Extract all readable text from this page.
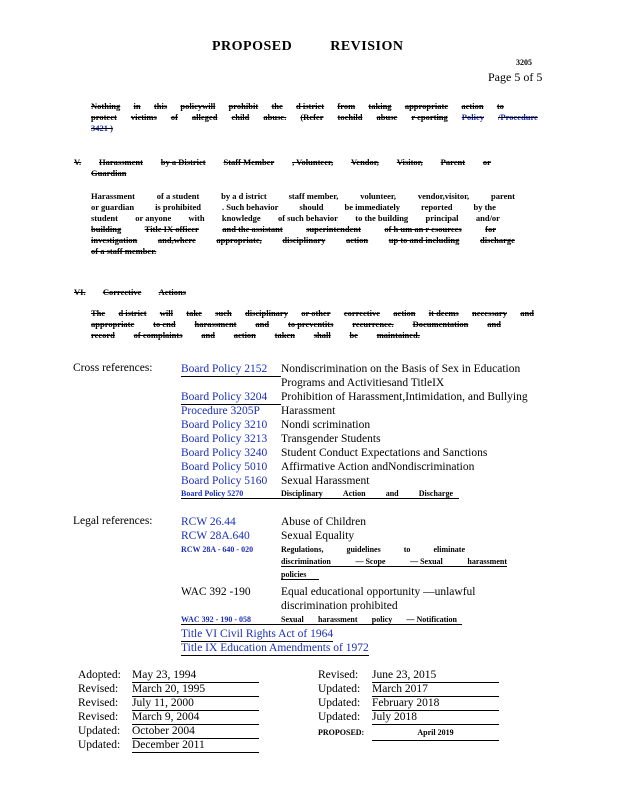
PROPOSED	REVISION
3205
Page 5 of 5
Nothing in this policywill prohibit the d istrict from taking appropriate action to
protect victims of alleged child abuse. (Refer tochild abuse r eporting Policy /Procedure
3421 )
V. Harassment by a District Staff Member , Volunteer, Vendor, Visitor, Parent or
Guardian
Harassment	of a student	by a d istrict	staff member,	volunteer,	vendor,visitor,	parent
or guardian is prohibited . Such behavior should be immediately reported by the
student or anyone with knowledge of such behavior to the building principal and/or
building	Title IX officer	and the assistant	superintendent	of h um an r esources	for
investigation and,where appropriate, disciplinary action up to and including discharge
of a staff member.
VI. Corrective Actions
The d istrict will take such disciplinary or other corrective action it deems necessary and
appropriate to end harassment and to preventits recurrence. Documentation and
record of complaints and action taken shall be maintained.
Cross references: Board Policy 2152	Nondiscrimination on the Basis of Sex in Education
Programs and Activitiesand TitleIX
Board Policy 3204	Prohibition of Harassment,Intimidation, and Bullying
Procedure 3205P	Harassment
Board Policy 3210	Nondi scrimination
Board Policy 3213	Transgender Students
Board Policy 3240	Student Conduct Expectations and Sanctions
Board Policy 5010	Affirmative Action andNondiscrimination
Board Policy 5160	Sexual Harassment
Board Policy 5270	Disciplinary	Action	and	Discharge
Legal references: RCW 26.44	Abuse of Children
RCW 28A.640	Sexual Equality
RCW 28A - 640 - 020	Regulations,	guidelines	to	eliminate
discrimination	— Scope	— Sexual	harassment
policies
WAC 392 -190	Equal educational opportunity —unlawful
discrimination prohibited
WAC 392 - 190 - 058	Sexual harassment policy — Notification
Title VI Civil Rights Act of 1964
Title IX Education Amendments of 1972
Adopted: May 23, 1994
Revised:	March 20, 1995
Revised:	July 11, 2000
Revised:	March 9, 2004
Updated:	October 2004
Updated:	December 2011
Revised:	June 23, 2015
Updated:	March 2017
Updated:	February 2018
Updated:	July 2018
PROPOSED:	April 2019
